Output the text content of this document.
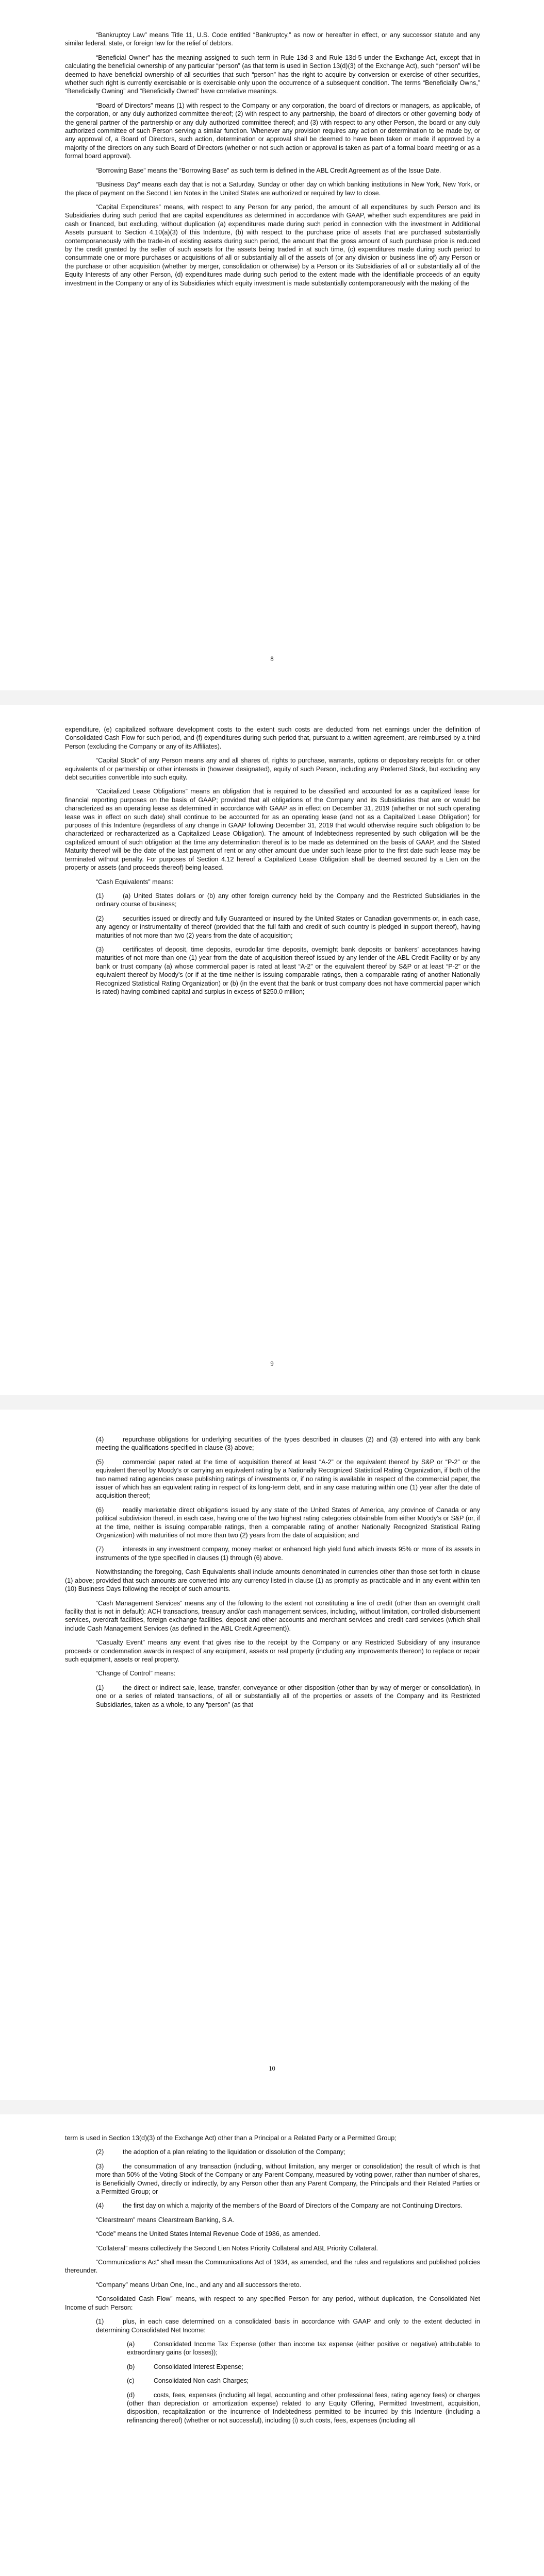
“Bankruptcy Law” means Title 11, U.S. Code entitled “Bankruptcy,” as now or hereafter in effect, or any successor statute and any similar federal, state, or foreign law for the relief of debtors.

“Beneficial Owner” has the meaning assigned to such term in Rule 13d-3 and Rule 13d-5 under the Exchange Act, except that in calculating the beneficial ownership of any particular “person” (as that term is used in Section 13(d)(3) of the Exchange Act), such “person” will be deemed to have beneficial ownership of all securities that such “person” has the right to acquire by conversion or exercise of other securities, whether such right is currently exercisable or is exercisable only upon the occurrence of a subsequent condition. The terms “Beneficially Owns,” “Beneficially Owning” and “Beneficially Owned” have correlative meanings.

“Board of Directors” means (1) with respect to the Company or any corporation, the board of directors or managers, as applicable, of the corporation, or any duly authorized committee thereof; (2) with respect to any partnership, the board of directors or other governing body of the general partner of the partnership or any duly authorized committee thereof; and (3) with respect to any other Person, the board or any duly authorized committee of such Person serving a similar function. Whenever any provision requires any action or determination to be made by, or any approval of, a Board of Directors, such action, determination or approval shall be deemed to have been taken or made if approved by a majority of the directors on any such Board of Directors (whether or not such action or approval is taken as part of a formal board meeting or as a formal board approval).

“Borrowing Base” means the “Borrowing Base” as such term is defined in the ABL Credit Agreement as of the Issue Date.

“Business Day” means each day that is not a Saturday, Sunday or other day on which banking institutions in New York, New York, or the place of payment on the Second Lien Notes in the United States are authorized or required by law to close.

“Capital Expenditures” means, with respect to any Person for any period, the amount of all expenditures by such Person and its Subsidiaries during such period that are capital expenditures as determined in accordance with GAAP, whether such expenditures are paid in cash or financed, but excluding, without duplication (a) expenditures made during such period in connection with the investment in Additional Assets pursuant to Section 4.10(a)(3) of this Indenture, (b) with respect to the purchase price of assets that are purchased substantially contemporaneously with the trade-in of existing assets during such period, the amount that the gross amount of such purchase price is reduced by the credit granted by the seller of such assets for the assets being traded in at such time, (c) expenditures made during such period to consummate one or more purchases or acquisitions of all or substantially all of the assets of (or any division or business line of) any Person or the purchase or other acquisition (whether by merger, consolidation or otherwise) by a Person or its Subsidiaries of all or substantially all of the Equity Interests of any other Person, (d) expenditures made during such period to the extent made with the identifiable proceeds of an equity investment in the Company or any of its Subsidiaries which equity investment is made substantially contemporaneously with the making of the

8

expenditure, (e) capitalized software development costs to the extent such costs are deducted from net earnings under the definition of Consolidated Cash Flow for such period, and (f) expenditures during such period that, pursuant to a written agreement, are reimbursed by a third Person (excluding the Company or any of its Affiliates).

“Capital Stock” of any Person means any and all shares of, rights to purchase, warrants, options or depositary receipts for, or other equivalents of or partnership or other interests in (however designated), equity of such Person, including any Preferred Stock, but excluding any debt securities convertible into such equity.

“Capitalized Lease Obligations” means an obligation that is required to be classified and accounted for as a capitalized lease for financial reporting purposes on the basis of GAAP; provided that all obligations of the Company and its Subsidiaries that are or would be characterized as an operating lease as determined in accordance with GAAP as in effect on December 31, 2019 (whether or not such operating lease was in effect on such date) shall continue to be accounted for as an operating lease (and not as a Capitalized Lease Obligation) for purposes of this Indenture (regardless of any change in GAAP following December 31, 2019 that would otherwise require such obligation to be characterized or recharacterized as a Capitalized Lease Obligation). The amount of Indebtedness represented by such obligation will be the capitalized amount of such obligation at the time any determination thereof is to be made as determined on the basis of GAAP, and the Stated Maturity thereof will be the date of the last payment of rent or any other amount due under such lease prior to the first date such lease may be terminated without penalty. For purposes of Section 4.12 hereof a Capitalized Lease Obligation shall be deemed secured by a Lien on the property or assets (and proceeds thereof) being leased.

“Cash Equivalents” means:

(1)	(a) United States dollars or (b) any other foreign currency held by the Company and the Restricted Subsidiaries in the ordinary course of business;

(2)	securities issued or directly and fully Guaranteed or insured by the United States or Canadian governments or, in each case, any agency or instrumentality of thereof (provided that the full faith and credit of such country is pledged in support thereof), having maturities of not more than two (2) years from the date of acquisition;

(3)	certificates of deposit, time deposits, eurodollar time deposits, overnight bank deposits or bankers’ acceptances having maturities of not more than one (1) year from the date of acquisition thereof issued by any lender of the ABL Credit Facility or by any bank or trust company (a) whose commercial paper is rated at least “A-2” or the equivalent thereof by S&P or at least “P-2” or the equivalent thereof by Moody’s (or if at the time neither is issuing comparable ratings, then a comparable rating of another Nationally Recognized Statistical Rating Organization) or (b) (in the event that the bank or trust company does not have commercial paper which is rated) having combined capital and surplus in excess of $250.0 million;

9

(4)	repurchase obligations for underlying securities of the types described in clauses (2) and (3) entered into with any bank meeting the qualifications specified in clause (3) above;

(5)	commercial paper rated at the time of acquisition thereof at least “A-2” or the equivalent thereof by S&P or “P-2” or the equivalent thereof by Moody’s or carrying an equivalent rating by a Nationally Recognized Statistical Rating Organization, if both of the two named rating agencies cease publishing ratings of investments or, if no rating is available in respect of the commercial paper, the issuer of which has an equivalent rating in respect of its long-term debt, and in any case maturing within one (1) year after the date of acquisition thereof;

(6)	readily marketable direct obligations issued by any state of the United States of America, any province of Canada or any political subdivision thereof, in each case, having one of the two highest rating categories obtainable from either Moody’s or S&P (or, if at the time, neither is issuing comparable ratings, then a comparable rating of another Nationally Recognized Statistical Rating Organization) with maturities of not more than two (2) years from the date of acquisition; and

(7)	interests in any investment company, money market or enhanced high yield fund which invests 95% or more of its assets in instruments of the type specified in clauses (1) through (6) above.

Notwithstanding the foregoing, Cash Equivalents shall include amounts denominated in currencies other than those set forth in clause (1) above; provided that such amounts are converted into any currency listed in clause (1) as promptly as practicable and in any event within ten (10) Business Days following the receipt of such amounts.

“Cash Management Services” means any of the following to the extent not constituting a line of credit (other than an overnight draft facility that is not in default): ACH transactions, treasury and/or cash management services, including, without limitation, controlled disbursement services, overdraft facilities, foreign exchange facilities, deposit and other accounts and merchant services and credit card services (which shall include Cash Management Services (as defined in the ABL Credit Agreement)).

“Casualty Event” means any event that gives rise to the receipt by the Company or any Restricted Subsidiary of any insurance proceeds or condemnation awards in respect of any equipment, assets or real property (including any improvements thereon) to replace or repair such equipment, assets or real property.

“Change of Control” means:

(1)	the direct or indirect sale, lease, transfer, conveyance or other disposition (other than by way of merger or consolidation), in one or a series of related transactions, of all or substantially all of the properties or assets of the Company and its Restricted Subsidiaries, taken as a whole, to any “person” (as that

10

term is used in Section 13(d)(3) of the Exchange Act) other than a Principal or a Related Party or a Permitted Group;

(2)	the adoption of a plan relating to the liquidation or dissolution of the Company;

(3)	the consummation of any transaction (including, without limitation, any merger or consolidation) the result of which is that more than 50% of the Voting Stock of the Company or any Parent Company, measured by voting power, rather than number of shares, is Beneficially Owned, directly or indirectly, by any Person other than any Parent Company, the Principals and their Related Parties or a Permitted Group; or

(4)	the first day on which a majority of the members of the Board of Directors of the Company are not Continuing Directors.

“Clearstream” means Clearstream Banking, S.A.

“Code” means the United States Internal Revenue Code of 1986, as amended.

“Collateral” means collectively the Second Lien Notes Priority Collateral and ABL Priority Collateral.

“Communications Act” shall mean the Communications Act of 1934, as amended, and the rules and regulations and published policies thereunder.

“Company” means Urban One, Inc., and any and all successors thereto.

“Consolidated Cash Flow” means, with respect to any specified Person for any period, without duplication, the Consolidated Net Income of such Person:

(1)	plus, in each case determined on a consolidated basis in accordance with GAAP and only to the extent deducted in determining Consolidated Net Income:

(a)	Consolidated Income Tax Expense (other than income tax expense (either positive or negative) attributable to extraordinary gains (or losses));

(b)	Consolidated Interest Expense;

(c)	Consolidated Non-cash Charges;

(d)	costs, fees, expenses (including all legal, accounting and other professional fees, rating agency fees) or charges (other than depreciation or amortization expense) related to any Equity Offering, Permitted Investment, acquisition, disposition, recapitalization or the incurrence of Indebtedness permitted to be incurred by this Indenture (including a refinancing thereof) (whether or not successful), including (i) such costs, fees, expenses (including all
